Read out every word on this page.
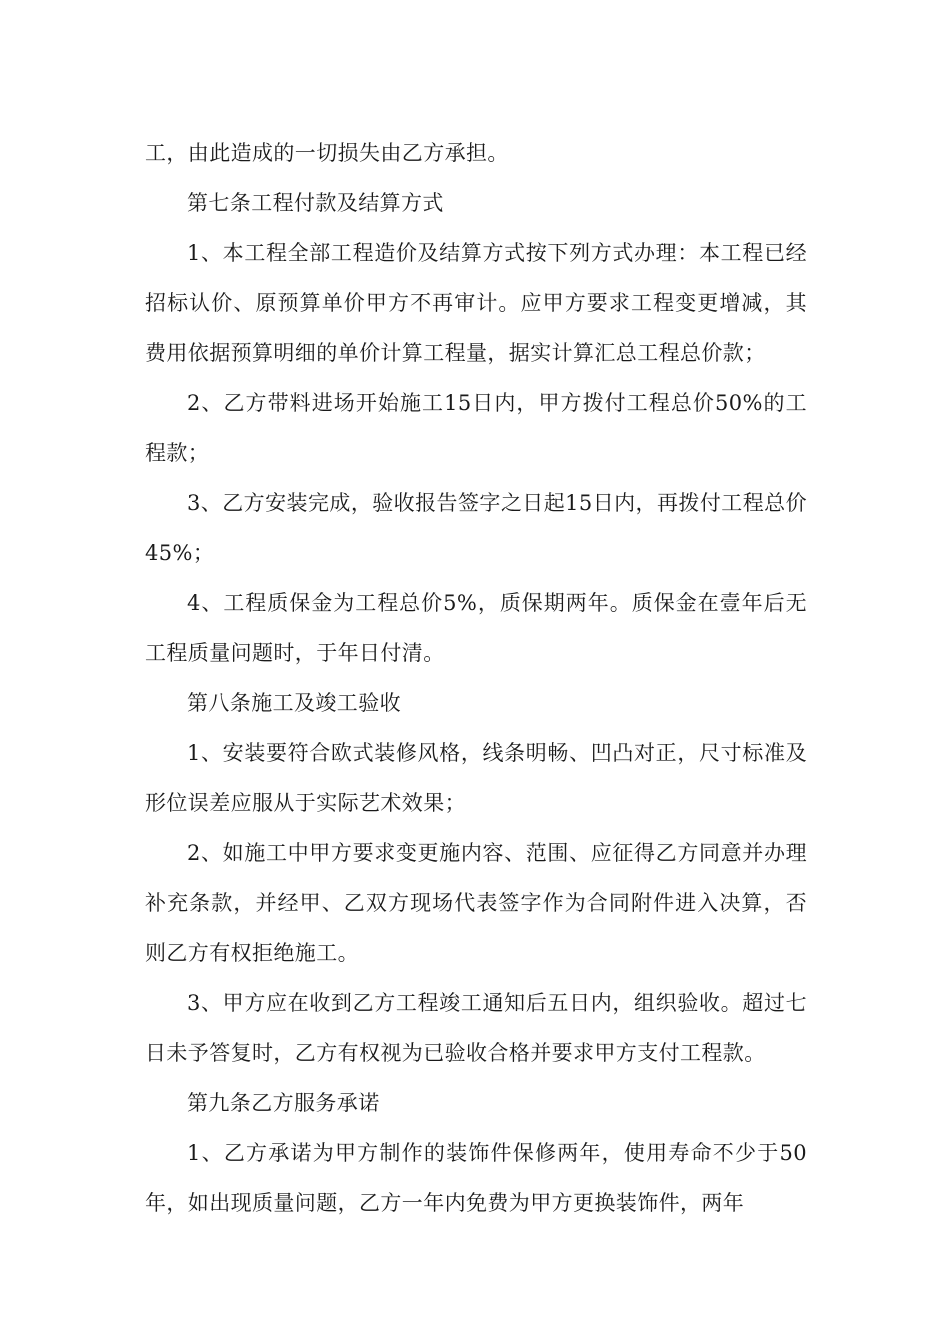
工，由此造成的一切损失由乙方承担。

第七条工程付款及结算方式

1、本工程全部工程造价及结算方式按下列方式办理：本工程已经招标认价、原预算单价甲方不再审计。应甲方要求工程变更增减，其费用依据预算明细的单价计算工程量，据实计算汇总工程总价款；

2、乙方带料进场开始施工15日内，甲方拨付工程总价50%的工程款；

3、乙方安装完成，验收报告签字之日起15日内，再拨付工程总价45%；

4、工程质保金为工程总价5%，质保期两年。质保金在壹年后无工程质量问题时，于年日付清。

第八条施工及竣工验收

1、安装要符合欧式装修风格，线条明畅、凹凸对正，尺寸标准及形位误差应服从于实际艺术效果；

2、如施工中甲方要求变更施内容、范围、应征得乙方同意并办理补充条款，并经甲、乙双方现场代表签字作为合同附件进入决算，否则乙方有权拒绝施工。

3、甲方应在收到乙方工程竣工通知后五日内，组织验收。超过七日未予答复时，乙方有权视为已验收合格并要求甲方支付工程款。

第九条乙方服务承诺

1、乙方承诺为甲方制作的装饰件保修两年，使用寿命不少于50年，如出现质量问题，乙方一年内免费为甲方更换装饰件，两年
